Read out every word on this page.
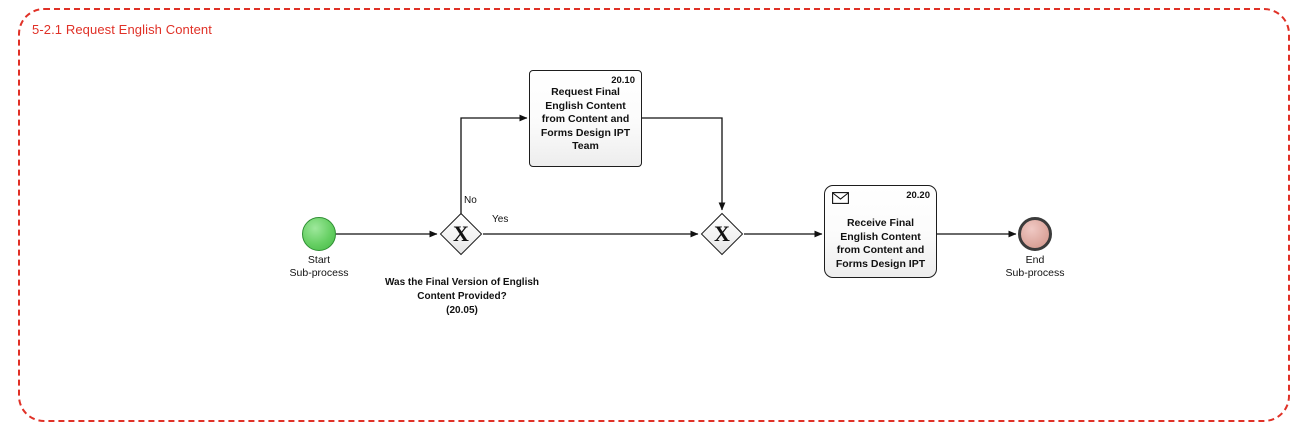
5-2.1 Request English Content
Start
Sub-process
X
Was the Final Version of English
Content Provided?
(20.05)
No
Yes
20.10
Request Final
English Content
from Content and
Forms Design IPT
Team
X
20.20
Receive Final
English Content
from Content and
Forms Design IPT	End
Sub-process
